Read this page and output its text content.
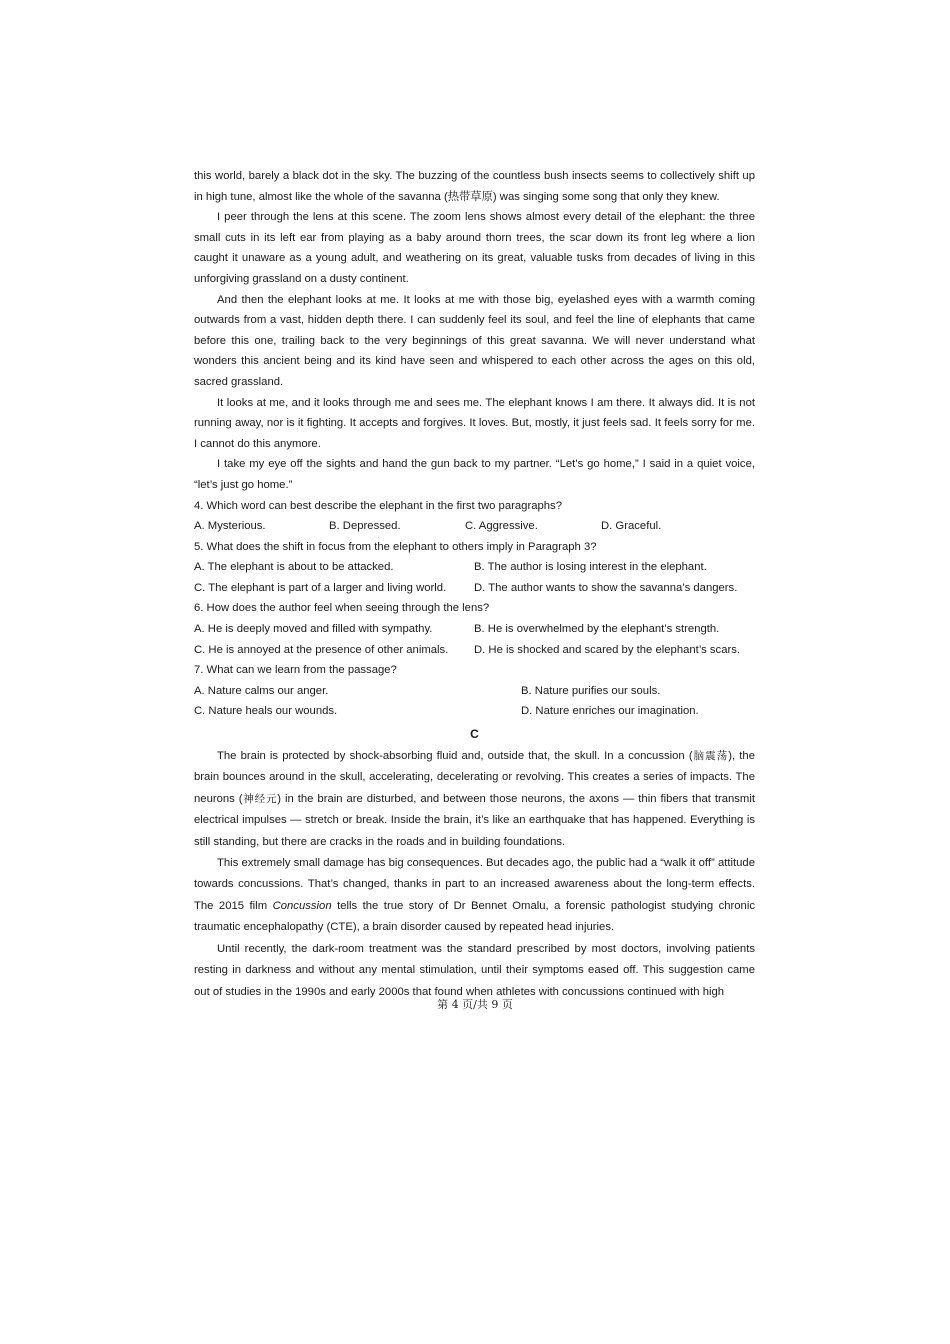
this world, barely a black dot in the sky. The buzzing of the countless bush insects seems to collectively shift up in high tune, almost like the whole of the savanna (热带草原) was singing some song that only they knew.

I peer through the lens at this scene. The zoom lens shows almost every detail of the elephant: the three small cuts in its left ear from playing as a baby around thorn trees, the scar down its front leg where a lion caught it unaware as a young adult, and weathering on its great, valuable tusks from decades of living in this unforgiving grassland on a dusty continent.

And then the elephant looks at me. It looks at me with those big, eyelashed eyes with a warmth coming outwards from a vast, hidden depth there. I can suddenly feel its soul, and feel the line of elephants that came before this one, trailing back to the very beginnings of this great savanna. We will never understand what wonders this ancient being and its kind have seen and whispered to each other across the ages on this old, sacred grassland.

It looks at me, and it looks through me and sees me. The elephant knows I am there. It always did. It is not running away, nor is it fighting. It accepts and forgives. It loves. But, mostly, it just feels sad. It feels sorry for me. I cannot do this anymore.

I take my eye off the sights and hand the gun back to my partner. “Let’s go home,” I said in a quiet voice, “let’s just go home.”

4. Which word can best describe the elephant in the first two paragraphs?
A. Mysterious.	B. Depressed.	C. Aggressive.	D. Graceful.
5. What does the shift in focus from the elephant to others imply in Paragraph 3?
A. The elephant is about to be attacked.	B. The author is losing interest in the elephant.
C. The elephant is part of a larger and living world.	D. The author wants to show the savanna’s dangers.
6. How does the author feel when seeing through the lens?
A. He is deeply moved and filled with sympathy.	B. He is overwhelmed by the elephant’s strength.
C. He is annoyed at the presence of other animals.	D. He is shocked and scared by the elephant’s scars.
7. What can we learn from the passage?
A. Nature calms our anger.	B. Nature purifies our souls.
C. Nature heals our wounds.	D. Nature enriches our imagination.
C

The brain is protected by shock-absorbing fluid and, outside that, the skull. In a concussion (脑震荡), the brain bounces around in the skull, accelerating, decelerating or revolving. This creates a series of impacts. The neurons (神经元) in the brain are disturbed, and between those neurons, the axons — thin fibers that transmit electrical impulses — stretch or break. Inside the brain, it’s like an earthquake that has happened. Everything is still standing, but there are cracks in the roads and in building foundations.

This extremely small damage has big consequences. But decades ago, the public had a “walk it off” attitude towards concussions. That’s changed, thanks in part to an increased awareness about the long-term effects. The 2015 film Concussion tells the true story of Dr Bennet Omalu, a forensic pathologist studying chronic traumatic encephalopathy (CTE), a brain disorder caused by repeated head injuries.

Until recently, the dark-room treatment was the standard prescribed by most doctors, involving patients resting in darkness and without any mental stimulation, until their symptoms eased off. This suggestion came out of studies in the 1990s and early 2000s that found when athletes with concussions continued with high

第 4 页/共 9 页
